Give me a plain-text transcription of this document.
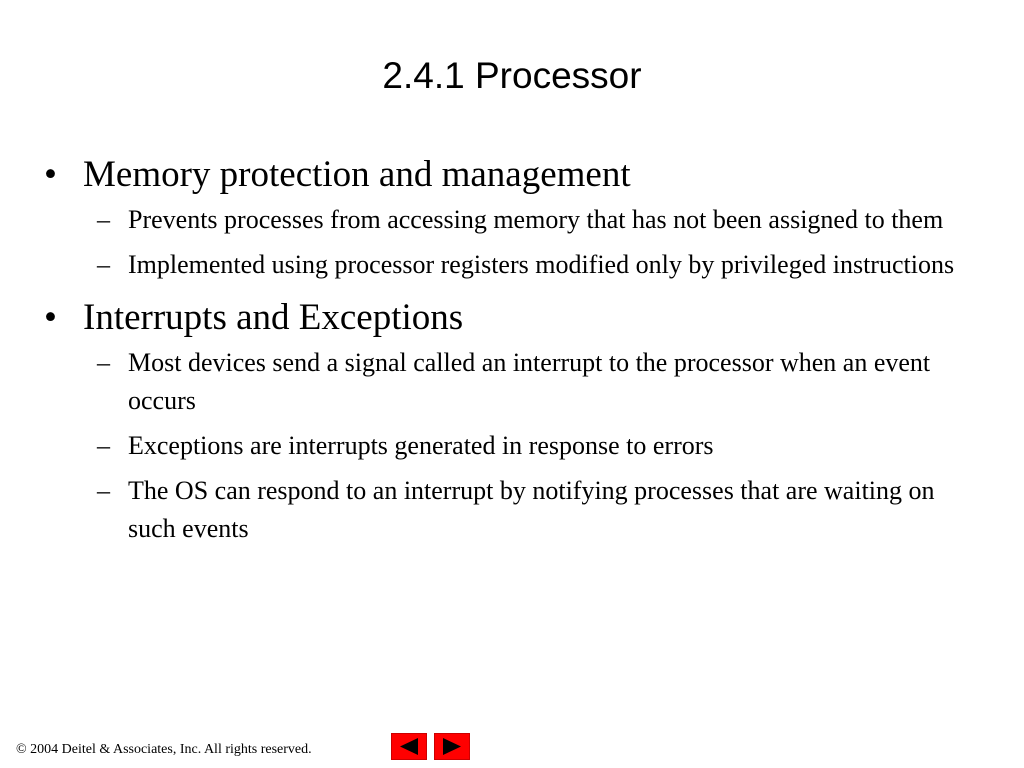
2.4.1 Processor
• Memory protection and management
– Prevents processes from accessing memory that has not been assigned to them
– Implemented using processor registers modified only by privileged instructions
• Interrupts and Exceptions
– Most devices send a signal called an interrupt to the processor when an event occurs
– Exceptions are interrupts generated in response to errors
– The OS can respond to an interrupt by notifying processes that are waiting on such events
© 2004 Deitel & Associates, Inc. All rights reserved.
